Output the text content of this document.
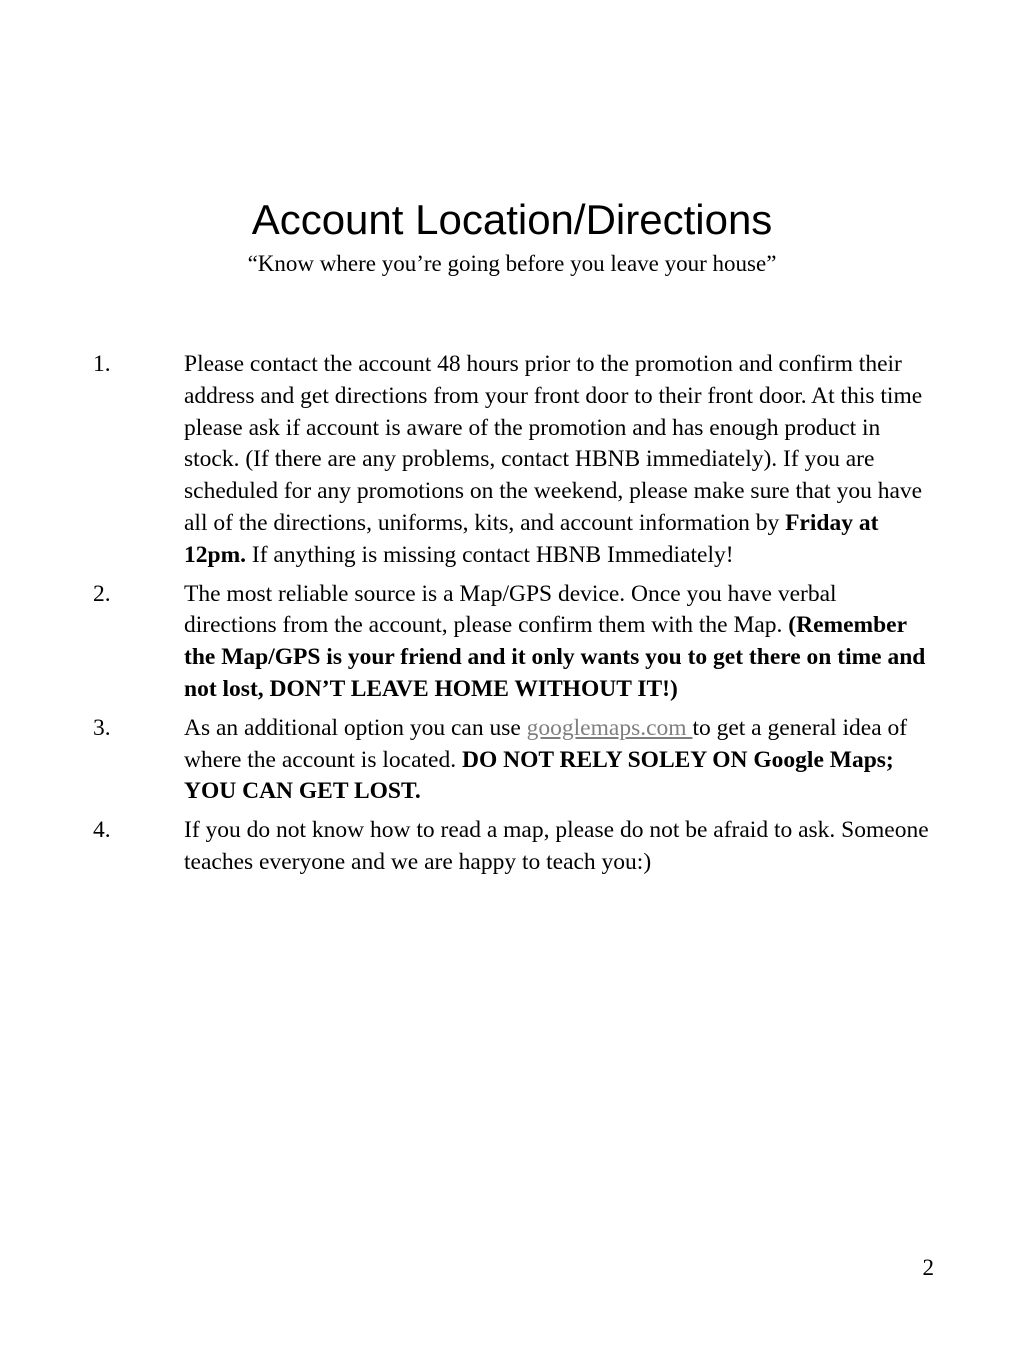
Account Location/Directions

“Know where you’re going before you leave your house”

1.	Please contact the account 48 hours prior to the promotion and confirm their address and get directions from your front door to their front door. At this time please ask if account is aware of the promotion and has enough product in stock. (If there are any problems, contact HBNB immediately). If you are scheduled for any promotions on the weekend, please make sure that you have all of the directions, uniforms, kits, and account information by Friday at 12pm. If anything is missing contact HBNB Immediately!
2.	The most reliable source is a Map/GPS device. Once you have verbal directions from the account, please confirm them with the Map. (Remember the Map/GPS is your friend and it only wants you to get there on time and not lost, DON’T LEAVE HOME WITHOUT IT!)
3.	As an additional option you can use googlemaps.com to get a general idea of where the account is located. DO NOT RELY SOLEY ON Google Maps; YOU CAN GET LOST.
4.	If you do not know how to read a map, please do not be afraid to ask. Someone teaches everyone and we are happy to teach you:)
2
